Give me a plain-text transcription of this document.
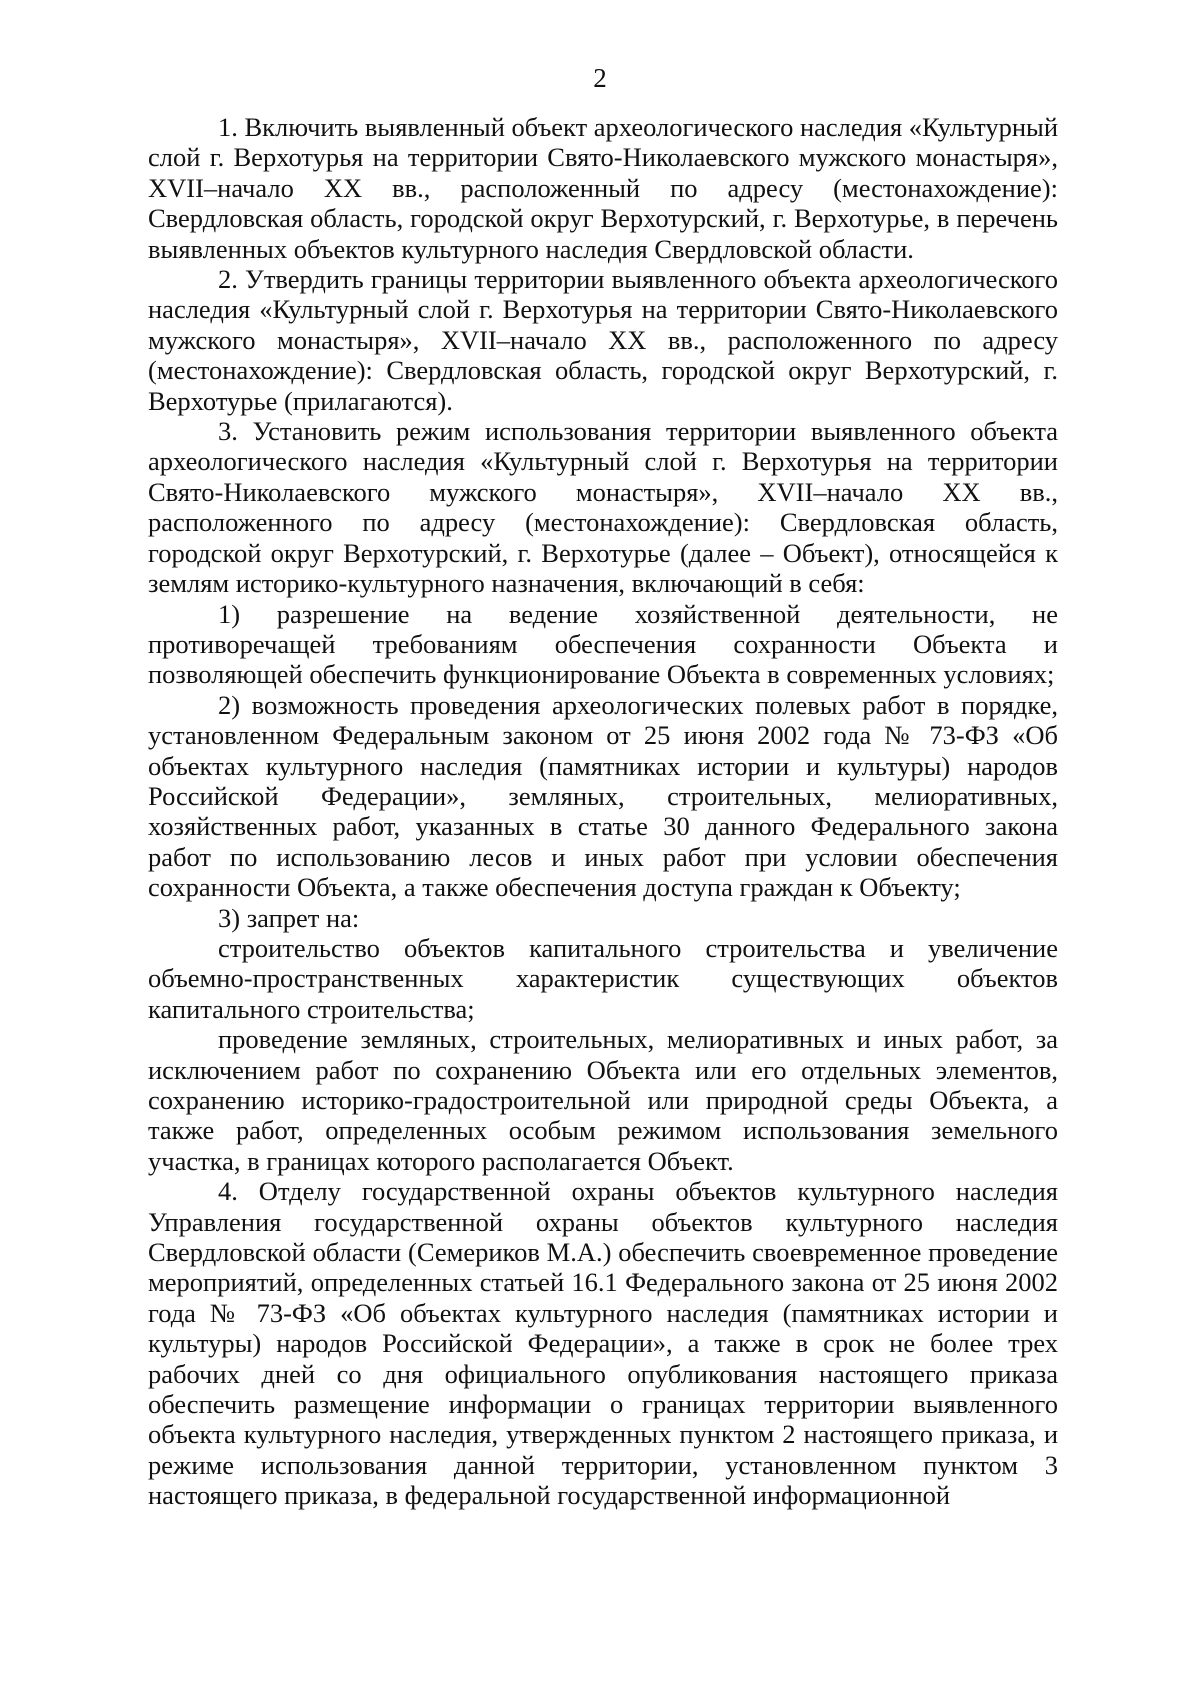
2

1. Включить выявленный объект археологического наследия «Культурный слой г. Верхотурья на территории Свято-Николаевского мужского монастыря», XVII–начало XX вв., расположенный по адресу (местонахождение): Свердловская область, городской округ Верхотурский, г. Верхотурье, в перечень выявленных объектов культурного наследия Свердловской области.

2. Утвердить границы территории выявленного объекта археологического наследия «Культурный слой г. Верхотурья на территории Свято-Николаевского мужского монастыря», XVII–начало XX вв., расположенного по адресу (местонахождение): Свердловская область, городской округ Верхотурский, г. Верхотурье (прилагаются).

3. Установить режим использования территории выявленного объекта археологического наследия «Культурный слой г. Верхотурья на территории Свято-Николаевского мужского монастыря», XVII–начало XX вв., расположенного по адресу (местонахождение): Свердловская область, городской округ Верхотурский, г. Верхотурье (далее – Объект), относящейся к землям историко-культурного назначения, включающий в себя:

1) разрешение на ведение хозяйственной деятельности, не противоречащей требованиям обеспечения сохранности Объекта и позволяющей обеспечить функционирование Объекта в современных условиях;

2) возможность проведения археологических полевых работ в порядке, установленном Федеральным законом от 25 июня 2002 года № 73-ФЗ «Об объектах культурного наследия (памятниках истории и культуры) народов Российской Федерации», земляных, строительных, мелиоративных, хозяйственных работ, указанных в статье 30 данного Федерального закона работ по использованию лесов и иных работ при условии обеспечения сохранности Объекта, а также обеспечения доступа граждан к Объекту;

3) запрет на:

строительство объектов капитального строительства и увеличение объемно-пространственных характеристик существующих объектов капитального строительства;

проведение земляных, строительных, мелиоративных и иных работ, за исключением работ по сохранению Объекта или его отдельных элементов, сохранению историко-градостроительной или природной среды Объекта, а также работ, определенных особым режимом использования земельного участка, в границах которого располагается Объект.

4. Отделу государственной охраны объектов культурного наследия Управления государственной охраны объектов культурного наследия Свердловской области (Семериков М.А.) обеспечить своевременное проведение мероприятий, определенных статьей 16.1 Федерального закона от 25 июня 2002 года № 73-ФЗ «Об объектах культурного наследия (памятниках истории и культуры) народов Российской Федерации», а также в срок не более трех рабочих дней со дня официального опубликования настоящего приказа обеспечить размещение информации о границах территории выявленного объекта культурного наследия, утвержденных пунктом 2 настоящего приказа, и режиме использования данной территории, установленном пунктом 3 настоящего приказа, в федеральной государственной информационной
